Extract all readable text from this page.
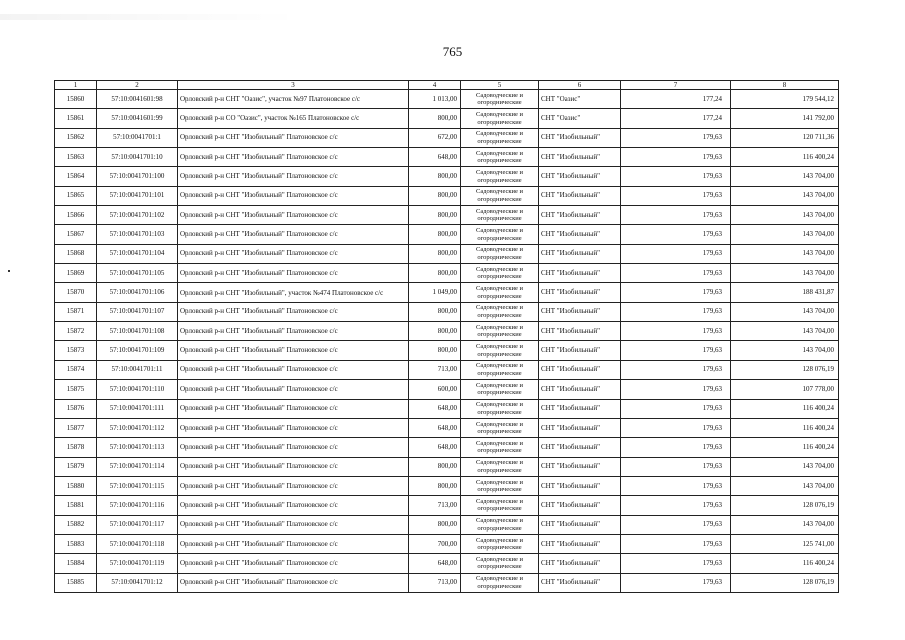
765
1	2	3	4	5	6	7	8
15860	57:10:0041601:98	Орловский р-н СНТ "Оазис", участок №97 Платоновское с/с	1 013,00	Садоводческие и огороднические	СНТ "Оазис"	177,24	179 544,12
15861	57:10:0041601:99	Орловский р-н СО "Оазис", участок №165 Платоновское с/с	800,00	Садоводческие и огороднические	СНТ "Оазис"	177,24	141 792,00
15862	57:10:0041701:1	Орловский р-н СНТ "Изобильный" Платоновское с/с	672,00	Садоводческие и огороднические	СНТ "Изобильный"	179,63	120 711,36
15863	57:10:0041701:10	Орловский р-н СНТ "Изобильный" Платоновское с/с	648,00	Садоводческие и огороднические	СНТ "Изобильный"	179,63	116 400,24
15864	57:10:0041701:100	Орловский р-н СНТ "Изобильный" Платоновское с/с	800,00	Садоводческие и огороднические	СНТ "Изобильный"	179,63	143 704,00
15865	57:10:0041701:101	Орловский р-н СНТ "Изобильный" Платоновское с/с	800,00	Садоводческие и огороднические	СНТ "Изобильный"	179,63	143 704,00
15866	57:10:0041701:102	Орловский р-н СНТ "Изобильный" Платоновское с/с	800,00	Садоводческие и огороднические	СНТ "Изобильный"	179,63	143 704,00
15867	57:10:0041701:103	Орловский р-н СНТ "Изобильный" Платоновское с/с	800,00	Садоводческие и огороднические	СНТ "Изобильный"	179,63	143 704,00
15868	57:10:0041701:104	Орловский р-н СНТ "Изобильный" Платоновское с/с	800,00	Садоводческие и огороднические	СНТ "Изобильный"	179,63	143 704,00
15869	57:10:0041701:105	Орловский р-н СНТ "Изобильный" Платоновское с/с	800,00	Садоводческие и огороднические	СНТ "Изобильный"	179,63	143 704,00
15870	57:10:0041701:106	Орловский р-н СНТ "Изобильный", участок №474 Платоновское с/с	1 049,00	Садоводческие и огороднические	СНТ "Изобильный"	179,63	188 431,87
15871	57:10:0041701:107	Орловский р-н СНТ "Изобильный" Платоновское с/с	800,00	Садоводческие и огороднические	СНТ "Изобильный"	179,63	143 704,00
15872	57:10:0041701:108	Орловский р-н СНТ "Изобильный" Платоновское с/с	800,00	Садоводческие и огороднические	СНТ "Изобильный"	179,63	143 704,00
15873	57:10:0041701:109	Орловский р-н СНТ "Изобильный" Платоновское с/с	800,00	Садоводческие и огороднические	СНТ "Изобильный"	179,63	143 704,00
15874	57:10:0041701:11	Орловский р-н СНТ "Изобильный" Платоновское с/с	713,00	Садоводческие и огороднические	СНТ "Изобильный"	179,63	128 076,19
15875	57:10:0041701:110	Орловский р-н СНТ "Изобильный" Платоновское с/с	600,00	Садоводческие и огороднические	СНТ "Изобильный"	179,63	107 778,00
15876	57:10:0041701:111	Орловский р-н СНТ "Изобильный" Платоновское с/с	648,00	Садоводческие и огороднические	СНТ "Изобильный"	179,63	116 400,24
15877	57:10:0041701:112	Орловский р-н СНТ "Изобильный" Платоновское с/с	648,00	Садоводческие и огороднические	СНТ "Изобильный"	179,63	116 400,24
15878	57:10:0041701:113	Орловский р-н СНТ "Изобильный" Платоновское с/с	648,00	Садоводческие и огороднические	СНТ "Изобильный"	179,63	116 400,24
15879	57:10:0041701:114	Орловский р-н СНТ "Изобильный" Платоновское с/с	800,00	Садоводческие и огороднические	СНТ "Изобильный"	179,63	143 704,00
15880	57:10:0041701:115	Орловский р-н СНТ "Изобильный" Платоновское с/с	800,00	Садоводческие и огороднические	СНТ "Изобильный"	179,63	143 704,00
15881	57:10:0041701:116	Орловский р-н СНТ "Изобильный" Платоновское с/с	713,00	Садоводческие и огороднические	СНТ "Изобильный"	179,63	128 076,19
15882	57:10:0041701:117	Орловский р-н СНТ "Изобильный" Платоновское с/с	800,00	Садоводческие и огороднические	СНТ "Изобильный"	179,63	143 704,00
15883	57:10:0041701:118	Орловский р-н СНТ "Изобильный" Платоновское с/с	700,00	Садоводческие и огороднические	СНТ "Изобильный"	179,63	125 741,00
15884	57:10:0041701:119	Орловский р-н СНТ "Изобильный" Платоновское с/с	648,00	Садоводческие и огороднические	СНТ "Изобильный"	179,63	116 400,24
15885	57:10:0041701:12	Орловский р-н СНТ "Изобильный" Платоновское с/с	713,00	Садоводческие и огороднические	СНТ "Изобильный"	179,63	128 076,19
